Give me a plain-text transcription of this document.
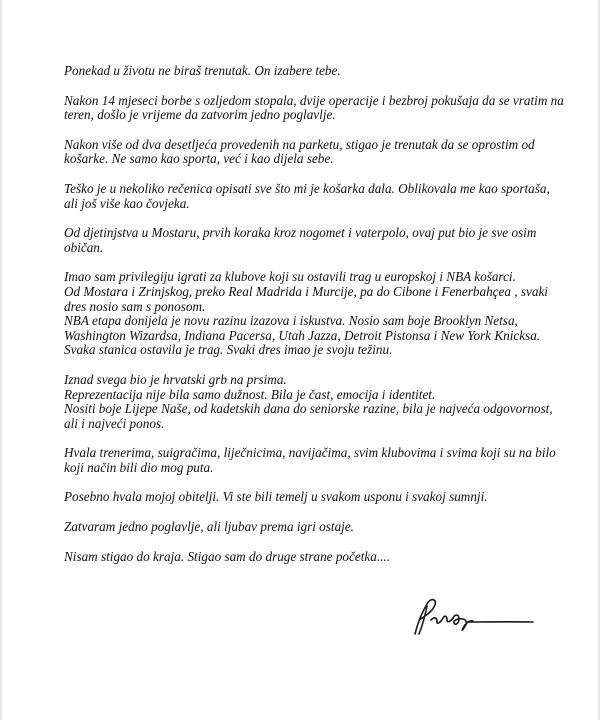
Ponekad u životu ne biraš trenutak. On izabere tebe.

Nakon 14 mjeseci borbe s ozljedom stopala, dvije operacije i bezbroj pokušaja da se vratim na
teren, došlo je vrijeme da zatvorim jedno poglavlje.

Nakon više od dva desetljeća provedenih na parketu, stigao je trenutak da se oprostim od
košarke. Ne samo kao sporta, već i kao dijela sebe.

Teško je u nekoliko rečenica opisati sve što mi je košarka dala. Oblikovala me kao sportaša,
ali još više kao čovjeka.

Od djetinjstva u Mostaru, prvih koraka kroz nogomet i vaterpolo, ovaj put bio je sve osim
običan.

Imao sam privilegiju igrati za klubove koji su ostavili trag u europskoj i NBA košarci.
Od Mostara i Zrinjskog, preko Real Madrida i Murcije, pa do Cibone i Fenerbahçea , svaki
dres nosio sam s ponosom.
NBA etapa donijela je novu razinu izazova i iskustva. Nosio sam boje Brooklyn Netsa,
Washington Wizardsa, Indiana Pacersa, Utah Jazza, Detroit Pistonsa i New York Knicksa.
Svaka stanica ostavila je trag. Svaki dres imao je svoju težinu.

Iznad svega bio je hrvatski grb na prsima.
Reprezentacija nije bila samo dužnost. Bila je čast, emocija i identitet.
Nositi boje Lijepe Naše, od kadetskih dana do seniorske razine, bila je najveća odgovornost,
ali i najveći ponos.

Hvala trenerima, suigračima, liječnicima, navijačima, svim klubovima i svima koji su na bilo
koji način bili dio mog puta.

Posebno hvala mojoj obitelji. Vi ste bili temelj u svakom usponu i svakoj sumnji.

Zatvaram jedno poglavlje, ali ljubav prema igri ostaje.

Nisam stigao do kraja. Stigao sam do druge strane početka....
